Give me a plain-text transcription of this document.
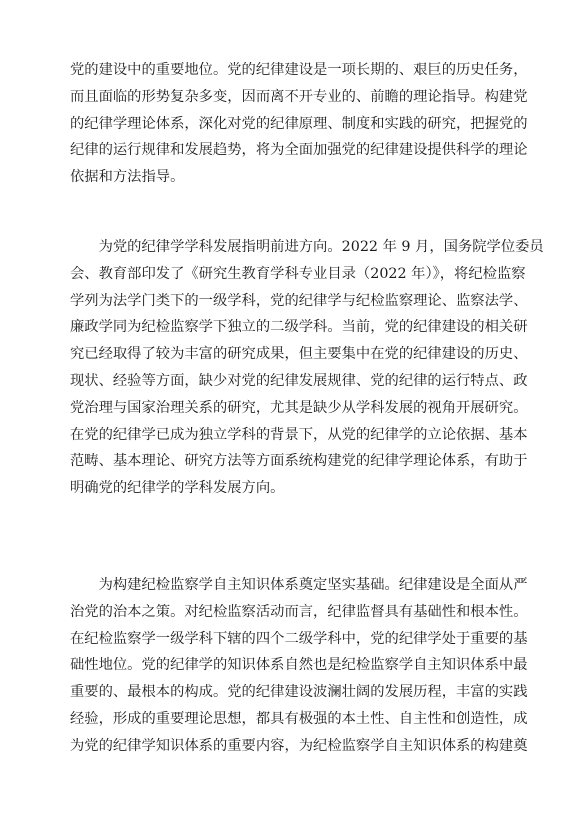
党的建设中的重要地位。党的纪律建设是一项长期的、艰巨的历史任务，
而且面临的形势复杂多变，因而离不开专业的、前瞻的理论指导。构建党
的纪律学理论体系，深化对党的纪律原理、制度和实践的研究，把握党的
纪律的运行规律和发展趋势，将为全面加强党的纪律建设提供科学的理论
依据和方法指导。
　　为党的纪律学学科发展指明前进方向。2022 年 9 月，国务院学位委员
会、教育部印发了《研究生教育学科专业目录（2022 年）》，将纪检监察
学列为法学门类下的一级学科，党的纪律学与纪检监察理论、监察法学、
廉政学同为纪检监察学下独立的二级学科。当前，党的纪律建设的相关研
究已经取得了较为丰富的研究成果，但主要集中在党的纪律建设的历史、
现状、经验等方面，缺少对党的纪律发展规律、党的纪律的运行特点、政
党治理与国家治理关系的研究，尤其是缺少从学科发展的视角开展研究。
在党的纪律学已成为独立学科的背景下，从党的纪律学的立论依据、基本
范畴、基本理论、研究方法等方面系统构建党的纪律学理论体系，有助于
明确党的纪律学的学科发展方向。
　　为构建纪检监察学自主知识体系奠定坚实基础。纪律建设是全面从严
治党的治本之策。对纪检监察活动而言，纪律监督具有基础性和根本性。
在纪检监察学一级学科下辖的四个二级学科中，党的纪律学处于重要的基
础性地位。党的纪律学的知识体系自然也是纪检监察学自主知识体系中最
重要的、最根本的构成。党的纪律建设波澜壮阔的发展历程，丰富的实践
经验，形成的重要理论思想，都具有极强的本土性、自主性和创造性，成
为党的纪律学知识体系的重要内容，为纪检监察学自主知识体系的构建奠
